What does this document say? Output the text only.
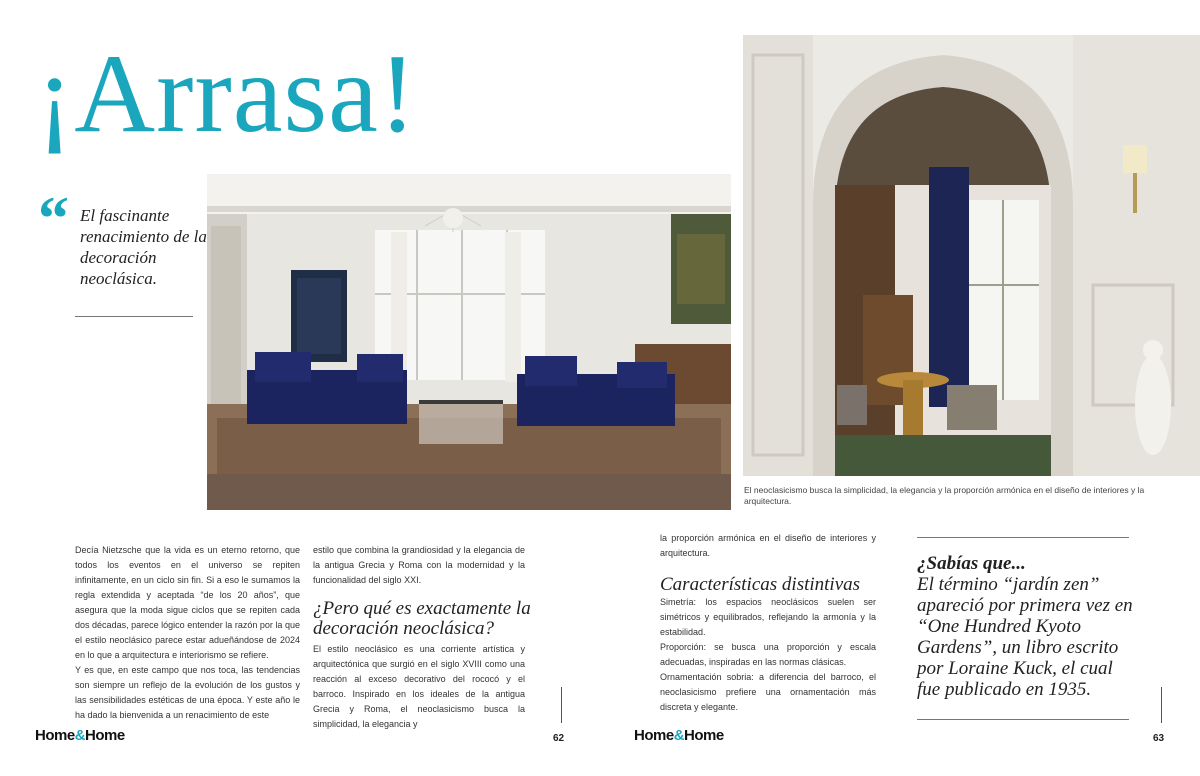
¡Arrasa!
“ El fascinante renacimiento de la decoración neoclásica.
El neoclasicismo busca la simplicidad, la elegancia y la proporción armónica en el diseño de interiores y la arquitectura.

Decía Nietzsche que la vida es un eterno retorno, que todos los eventos en el universo se repiten infinitamente, en un ciclo sin fin. Si a eso le sumamos la regla extendida y aceptada “de los 20 años”, que asegura que la moda sigue ciclos que se repiten cada dos décadas, parece lógico entender la razón por la que el estilo neoclásico parece estar adueñándose de 2024 en lo que a arquitectura e interiorismo se refiere.

Y es que, en este campo que nos toca, las tendencias son siempre un reflejo de la evolución de los gustos y las sensibilidades estéticas de una época. Y este año le ha dado la bienvenida a un renacimiento de este

estilo que combina la grandiosidad y la elegancia de la antigua Grecia y Roma con la modernidad y la funcionalidad del siglo XXI.

¿Pero qué es exactamente la decoración neoclásica?

El estilo neoclásico es una corriente artística y arquitectónica que surgió en el siglo XVIII como una reacción al exceso decorativo del rococó y el barroco. Inspirado en los ideales de la antigua Grecia y Roma, el neoclasicismo busca la simplicidad, la elegancia y

la proporción armónica en el diseño de interiores y arquitectura.

Características distintivas

Simetría: los espacios neoclásicos suelen ser simétricos y equilibrados, reflejando la armonía y la estabilidad.

Proporción: se busca una proporción y escala adecuadas, inspiradas en las normas clásicas.

Ornamentación sobria: a diferencia del barroco, el neoclasicismo prefiere una ornamentación más discreta y elegante.

¿Sabías que...
El término “jardín zen” apareció por primera vez en “One Hundred Kyoto Gardens”, un libro escrito por Loraine Kuck, el cual fue publicado en 1935.
Home&Home	62	Home&Home	63
